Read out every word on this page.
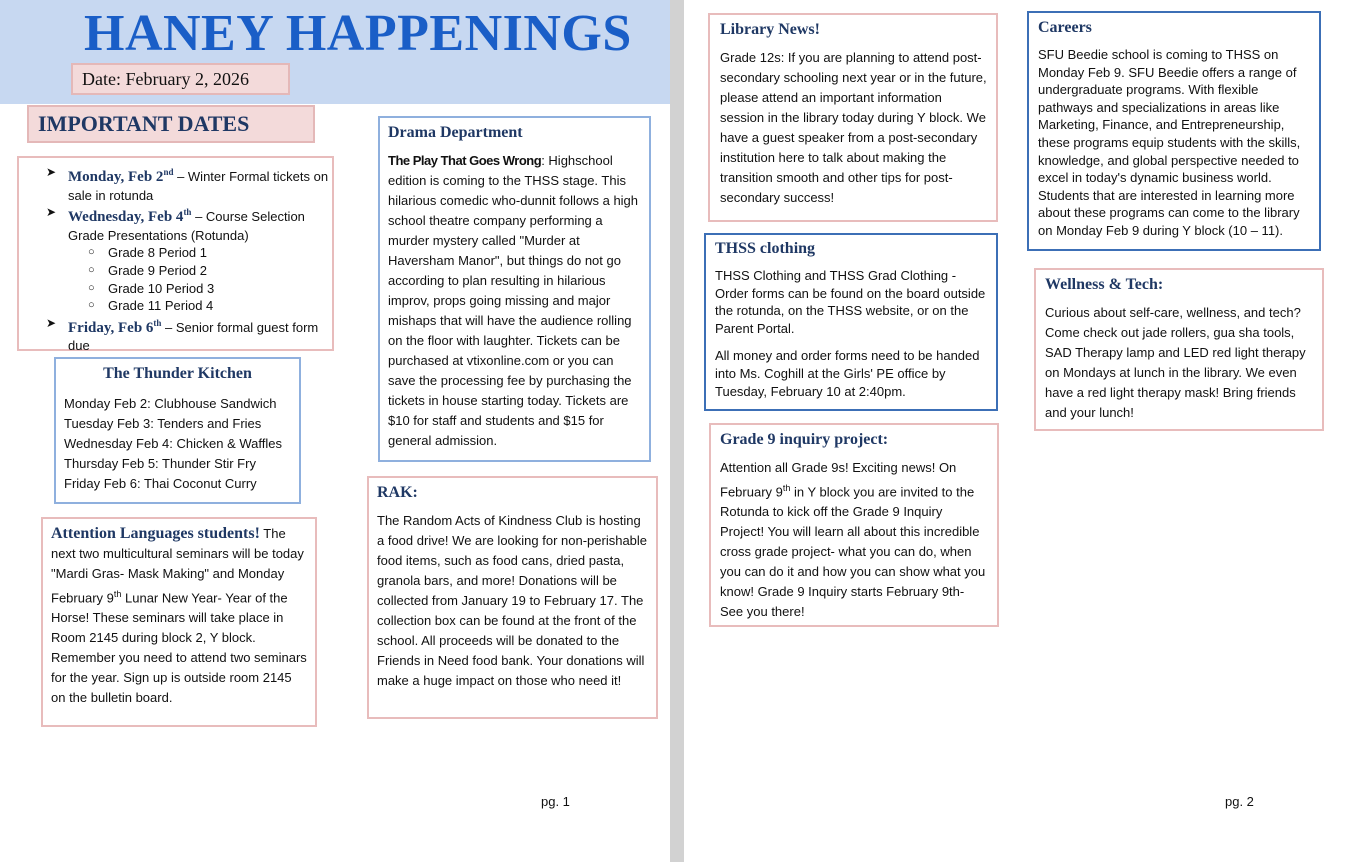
HANEY HAPPENINGS
Date: February 2, 2026
IMPORTANT DATES
➤ Monday, Feb 2nd – Winter Formal tickets on sale in rotunda
➤ Wednesday, Feb 4th – Course Selection Grade Presentations (Rotunda)
○ Grade 8 Period 1
○ Grade 9 Period 2
○ Grade 10 Period 3
○ Grade 11 Period 4
➤ Friday, Feb 6th – Senior formal guest form due
The Thunder Kitchen
Monday Feb 2: Clubhouse Sandwich
Tuesday Feb 3: Tenders and Fries
Wednesday Feb 4: Chicken & Waffles
Thursday Feb 5: Thunder Stir Fry
Friday Feb 6: Thai Coconut Curry
Attention Languages students! The next two multicultural seminars will be today "Mardi Gras- Mask Making" and Monday February 9th Lunar New Year- Year of the Horse! These seminars will take place in Room 2145 during block 2, Y block. Remember you need to attend two seminars for the year. Sign up is outside room 2145 on the bulletin board.
Drama Department
The Play That Goes Wrong: Highschool edition is coming to the THSS stage. This hilarious comedic who-dunnit follows a high school theatre company performing a murder mystery called "Murder at Haversham Manor", but things do not go according to plan resulting in hilarious improv, props going missing and major mishaps that will have the audience rolling on the floor with laughter. Tickets can be purchased at vtixonline.com or you can save the processing fee by purchasing the tickets in house starting today. Tickets are $10 for staff and students and $15 for general admission.
RAK:
The Random Acts of Kindness Club is hosting a food drive! We are looking for non-perishable food items, such as food cans, dried pasta, granola bars, and more! Donations will be collected from January 19 to February 17. The collection box can be found at the front of the school. All proceeds will be donated to the Friends in Need food bank. Your donations will make a huge impact on those who need it!
pg. 1
Library News!
Grade 12s: If you are planning to attend post-secondary schooling next year or in the future, please attend an important information session in the library today during Y block. We have a guest speaker from a post-secondary institution here to talk about making the transition smooth and other tips for post-secondary success!
THSS clothing
THSS Clothing and THSS Grad Clothing - Order forms can be found on the board outside the rotunda, on the THSS website, or on the Parent Portal.
All money and order forms need to be handed into Ms. Coghill at the Girls' PE office by Tuesday, February 10 at 2:40pm.
Grade 9 inquiry project:
Attention all Grade 9s! Exciting news! On February 9th in Y block you are invited to the Rotunda to kick off the Grade 9 Inquiry Project! You will learn all about this incredible cross grade project- what you can do, when you can do it and how you can show what you know! Grade 9 Inquiry starts February 9th- See you there!
Careers
SFU Beedie school is coming to THSS on Monday Feb 9. SFU Beedie offers a range of undergraduate programs. With flexible pathways and specializations in areas like Marketing, Finance, and Entrepreneurship, these programs equip students with the skills, knowledge, and global perspective needed to excel in today's dynamic business world. Students that are interested in learning more about these programs can come to the library on Monday Feb 9 during Y block (10 – 11).
Wellness & Tech:
Curious about self-care, wellness, and tech? Come check out jade rollers, gua sha tools, SAD Therapy lamp and LED red light therapy on Mondays at lunch in the library. We even have a red light therapy mask! Bring friends and your lunch!
pg. 2
